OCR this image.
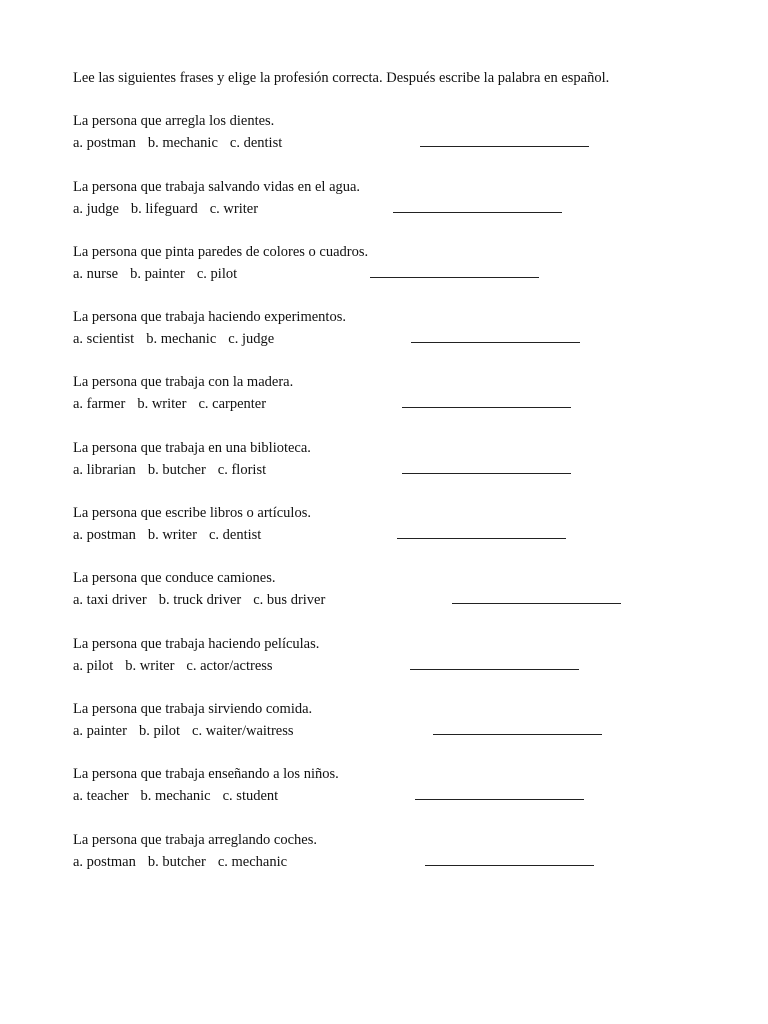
Lee las siguientes frases y elige la profesión correcta. Después escribe la palabra en español.
La persona que arregla los dientes.
a. postman b. mechanic c. dentist
La persona que trabaja salvando vidas en el agua.
a. judge b. lifeguard c. writer
La persona que pinta paredes de colores o cuadros.
a. nurse b. painter c. pilot
La persona que trabaja haciendo experimentos.
a. scientist b. mechanic c. judge
La persona que trabaja con la madera.
a. farmer b. writer c. carpenter
La persona que trabaja en una biblioteca.
a. librarian b. butcher c. florist
La persona que escribe libros o artículos.
a. postman b. writer c. dentist
La persona que conduce camiones.
a. taxi driver b. truck driver c. bus driver
La persona que trabaja haciendo películas.
a. pilot b. writer c. actor/actress
La persona que trabaja sirviendo comida.
a. painter b. pilot c. waiter/waitress
La persona que trabaja enseñando a los niños.
a. teacher b. mechanic c. student
La persona que trabaja arreglando coches.
a. postman b. butcher c. mechanic
